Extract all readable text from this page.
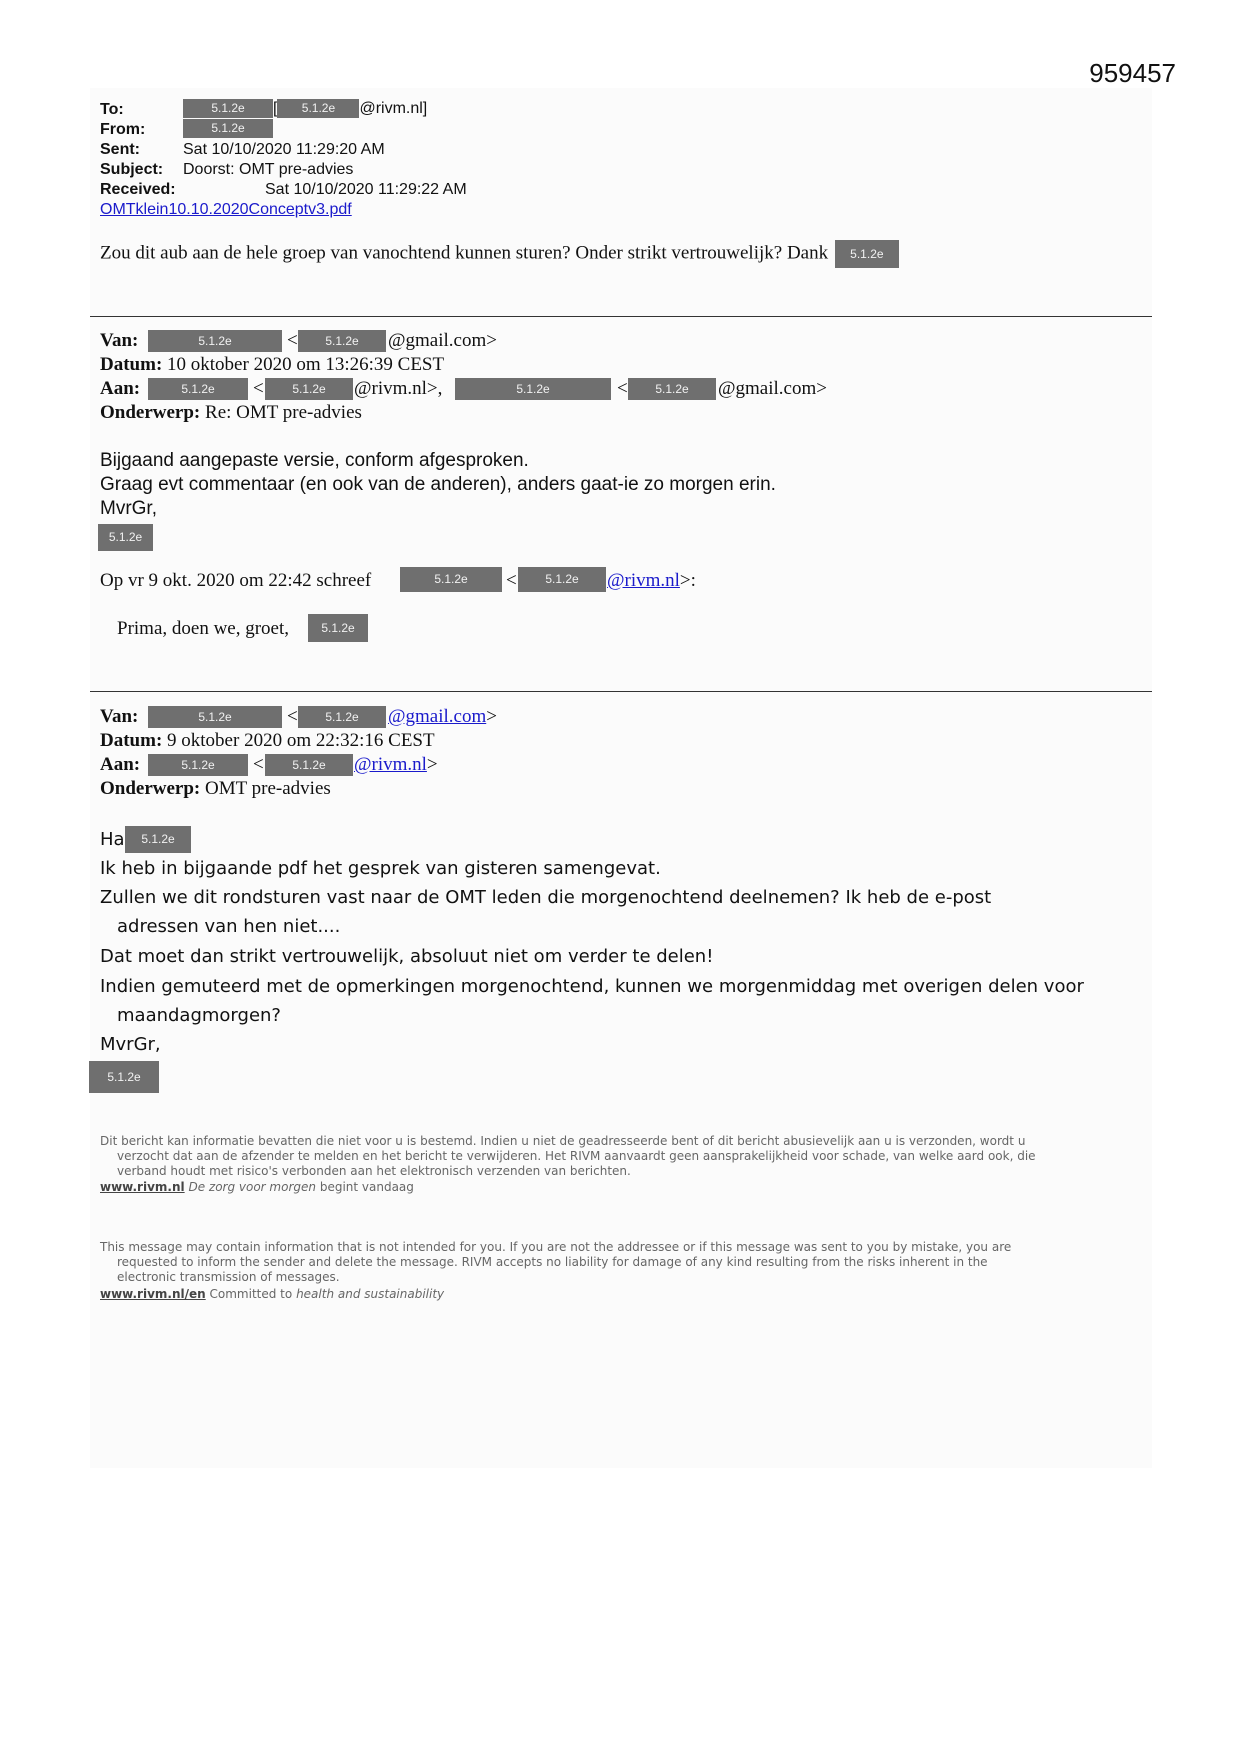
959457
To:	5.1.2e [ 5.1.2e @rivm.nl]
From:	5.1.2e
Sent:	Sat 10/10/2020 11:29:20 AM
Subject: Doorst: OMT pre-advies
Received:	Sat 10/10/2020 11:29:22 AM
OMTklein10.10.2020Conceptv3.pdf
Zou dit aub aan de hele groep van vanochtend kunnen sturen? Onder strikt vertrouwelijk? Dank 5.1.2e
Van:	5.1.2e	<	5.1.2e	@gmail.com>
Datum: 10 oktober 2020 om 13:26:39 CEST
Aan:	5.1.2e	<	5.1.2e	@rivm.nl>,	5.1.2e	<	5.1.2e	@gmail.com>
Onderwerp: Re: OMT pre-advies
Bijgaand aangepaste versie, conform afgesproken.
Graag evt commentaar (en ook van de anderen), anders gaat-ie zo morgen erin.
MvrGr,
5.1.2e
Op vr 9 okt. 2020 om 22:42 schreef	5.1.2e	<	5.1.2e	@rivm.nl>:
Prima, doen we, groet,	5.1.2e
Van:	5.1.2e	<	5.1.2e	@gmail.com>
Datum: 9 oktober 2020 om 22:32:16 CEST
Aan:	5.1.2e	<	5.1.2e	@rivm.nl>
Onderwerp: OMT pre-advies
Ha	5.1.2e
Ik heb in bijgaande pdf het gesprek van gisteren samengevat.
Zullen we dit rondsturen vast naar de OMT leden die morgenochtend deelnemen? Ik heb de e-post
adressen van hen niet....
Dat moet dan strikt vertrouwelijk, absoluut niet om verder te delen!
Indien gemuteerd met de opmerkingen morgenochtend, kunnen we morgenmiddag met overigen delen voor
maandagmorgen?
MvrGr,
5.1.2e
Dit bericht kan informatie bevatten die niet voor u is bestemd. Indien u niet de geadresseerde bent of dit bericht abusievelijk aan u is verzonden, wordt u
verzocht dat aan de afzender te melden en het bericht te verwijderen. Het RIVM aanvaardt geen aansprakelijkheid voor schade, van welke aard ook, die
verband houdt met risico's verbonden aan het elektronisch verzenden van berichten.
www.rivm.nl De zorg voor morgen begint vandaag
This message may contain information that is not intended for you. If you are not the addressee or if this message was sent to you by mistake, you are
requested to inform the sender and delete the message. RIVM accepts no liability for damage of any kind resulting from the risks inherent in the
electronic transmission of messages.
www.rivm.nl/en Committed to health and sustainability
